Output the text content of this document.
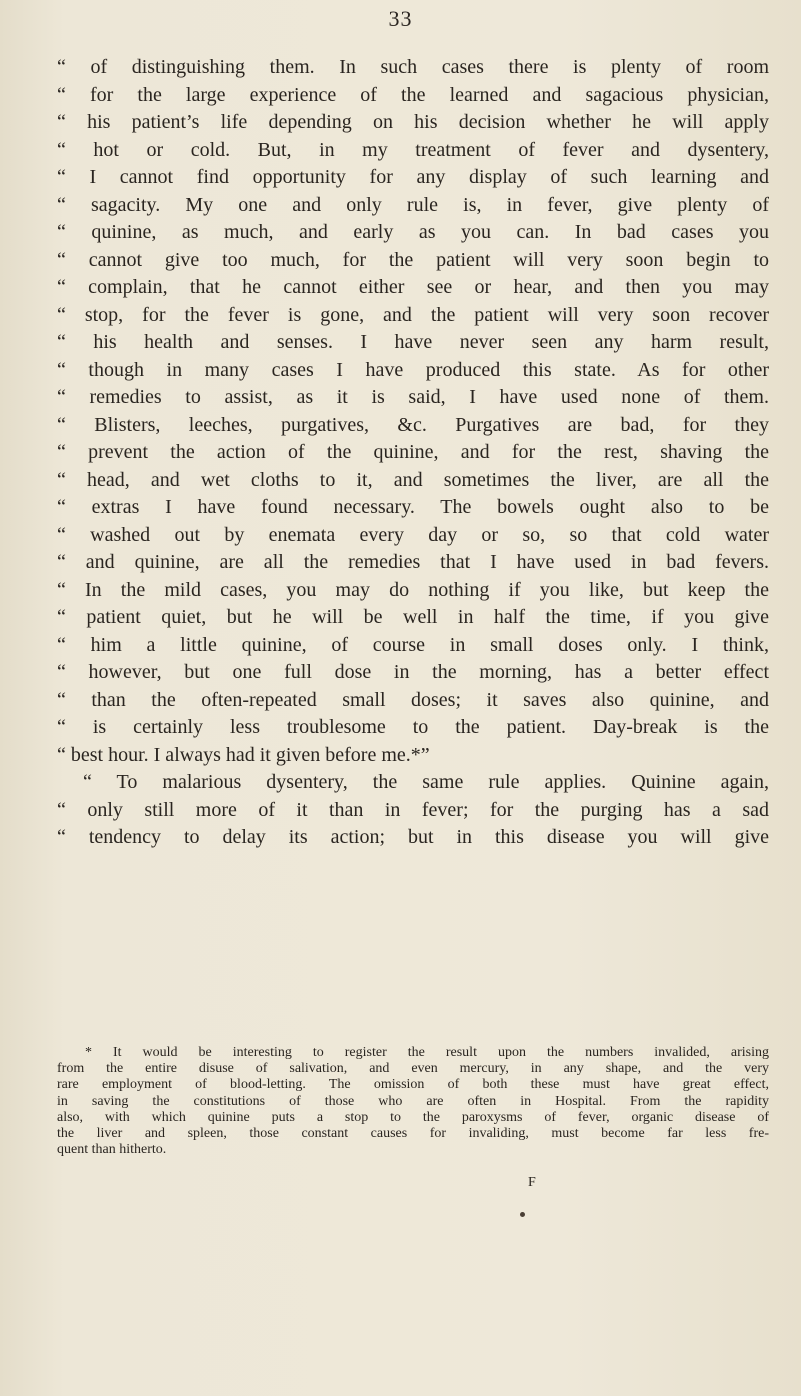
33
“ of distinguishing them. In such cases there is plenty of room
“ for the large experience of the learned and sagacious physician,
“ his patient’s life depending on his decision whether he will apply
“ hot or cold. But, in my treatment of fever and dysentery,
“ I cannot find opportunity for any display of such learning and
“ sagacity. My one and only rule is, in fever, give plenty of
“ quinine, as much, and early as you can. In bad cases you
“ cannot give too much, for the patient will very soon begin to
“ complain, that he cannot either see or hear, and then you may
“ stop, for the fever is gone, and the patient will very soon recover
“ his health and senses. I have never seen any harm result,
“ though in many cases I have produced this state. As for other
“ remedies to assist, as it is said, I have used none of them.
“ Blisters, leeches, purgatives, &c. Purgatives are bad, for they
“ prevent the action of the quinine, and for the rest, shaving the
“ head, and wet cloths to it, and sometimes the liver, are all the
“ extras I have found necessary. The bowels ought also to be
“ washed out by enemata every day or so, so that cold water
“ and quinine, are all the remedies that I have used in bad fevers.
“ In the mild cases, you may do nothing if you like, but keep the
“ patient quiet, but he will be well in half the time, if you give
“ him a little quinine, of course in small doses only. I think,
“ however, but one full dose in the morning, has a better effect
“ than the often-repeated small doses; it saves also quinine, and
“ is certainly less troublesome to the patient. Day-break is the
“ best hour. I always had it given before me.*”
“ To malarious dysentery, the same rule applies. Quinine again,
“ only still more of it than in fever; for the purging has a sad
“ tendency to delay its action; but in this disease you will give
* It would be interesting to register the result upon the numbers invalided, arising
from the entire disuse of salivation, and even mercury, in any shape, and the very
rare employment of blood-letting. The omission of both these must have great effect,
in saving the constitutions of those who are often in Hospital. From the rapidity
also, with which quinine puts a stop to the paroxysms of fever, organic disease of
the liver and spleen, those constant causes for invaliding, must become far less fre-
quent than hitherto.
F
